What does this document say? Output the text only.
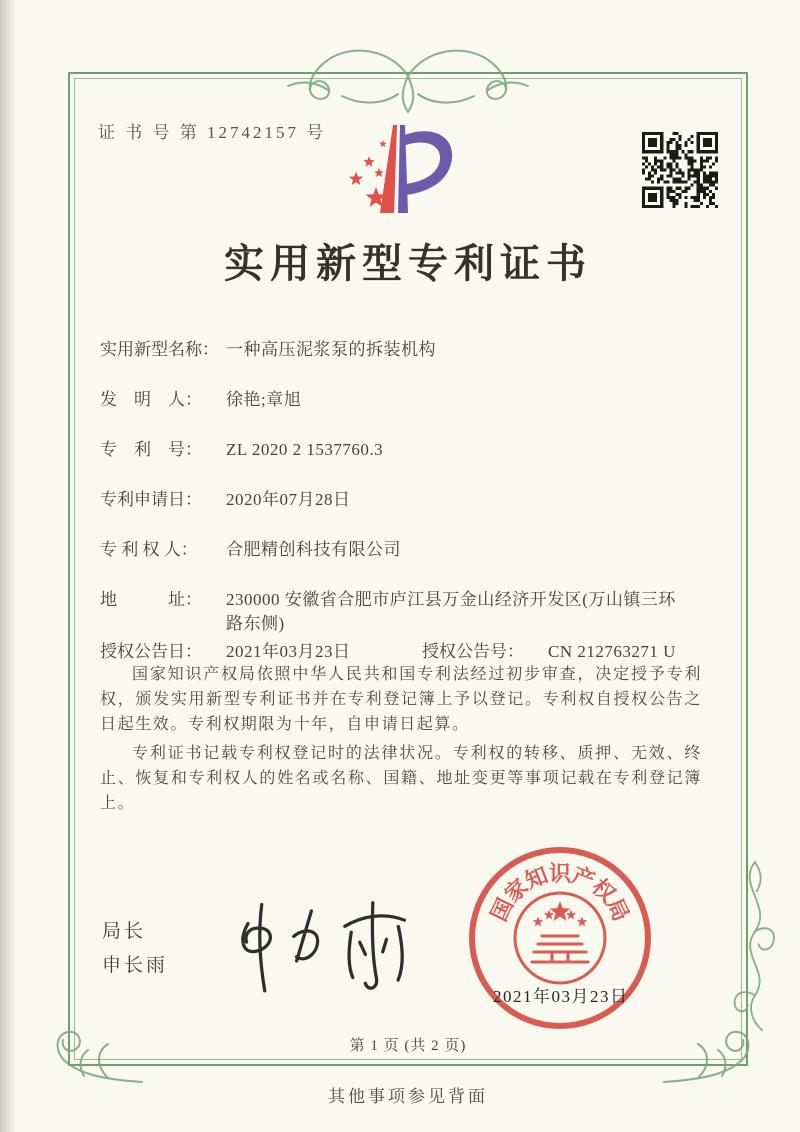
证 书 号 第 12742157 号
实用新型专利证书
实用新型名称： 一种高压泥浆泵的拆装机构
发　明　人： 徐艳;章旭
专　利　号： ZL 2020 2 1537760.3
专利申请日： 2020年07月28日
专 利 权 人： 合肥精创科技有限公司
地　　　址： 230000 安徽省合肥市庐江县万金山经济开发区(万山镇三环路东侧)
授权公告日： 2021年03月23日	授权公告号： CN 212763271 U

国家知识产权局依照中华人民共和国专利法经过初步审查，决定授予专利权，颁发实用新型专利证书并在专利登记簿上予以登记。专利权自授权公告之日起生效。专利权期限为十年，自申请日起算。

专利证书记载专利权登记时的法律状况。专利权的转移、质押、无效、终止、恢复和专利权人的姓名或名称、国籍、地址变更等事项记载在专利登记簿上。

局长
申长雨
国
家
知
识
产
权
局
2021年03月23日
第 1 页 (共 2 页)
其他事项参见背面
